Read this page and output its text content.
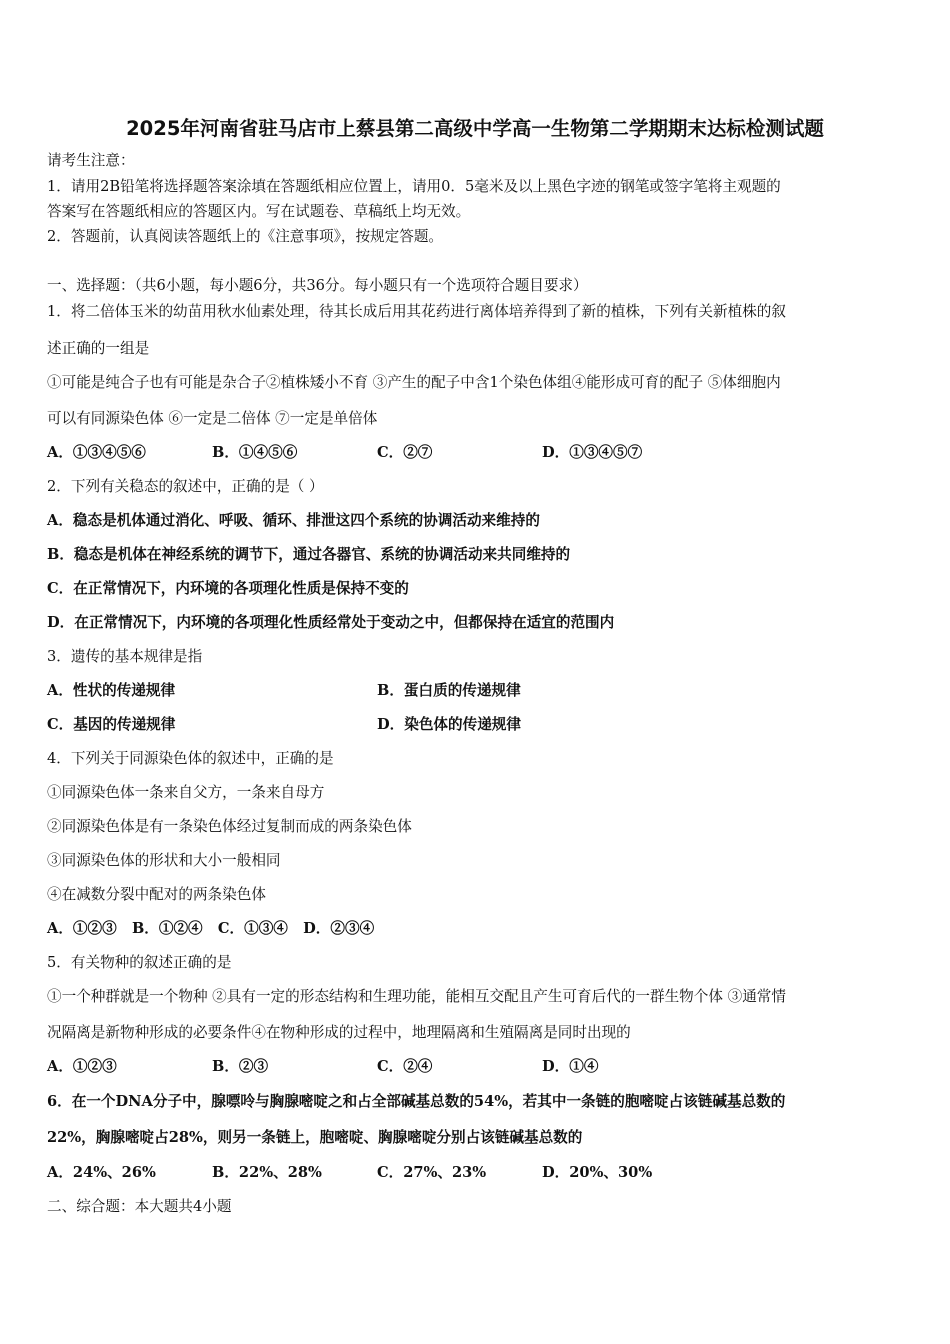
2025年河南省驻马店市上蔡县第二高级中学高一生物第二学期期末达标检测试题
请考生注意：
1．请用2B铅笔将选择题答案涂填在答题纸相应位置上，请用0．5毫米及以上黑色字迹的钢笔或签字笔将主观题的
答案写在答题纸相应的答题区内。写在试题卷、草稿纸上均无效。
2．答题前，认真阅读答题纸上的《注意事项》，按规定答题。
一、选择题：（共6小题，每小题6分，共36分。每小题只有一个选项符合题目要求）
1．将二倍体玉米的幼苗用秋水仙素处理，待其长成后用其花药进行离体培养得到了新的植株，下列有关新植株的叙
述正确的一组是
①可能是纯合子也有可能是杂合子②植株矮小不育 ③产生的配子中含1个染色体组④能形成可育的配子 ⑤体细胞内
可以有同源染色体 ⑥一定是二倍体 ⑦一定是单倍体
A．①③④⑤⑥	B．①④⑤⑥	C．②⑦	D．①③④⑤⑦
2．下列有关稳态的叙述中，正确的是（ ）
A．稳态是机体通过消化、呼吸、循环、排泄这四个系统的协调活动来维持的
B．稳态是机体在神经系统的调节下，通过各器官、系统的协调活动来共同维持的
C．在正常情况下，内环境的各项理化性质是保持不变的
D．在正常情况下，内环境的各项理化性质经常处于变动之中，但都保持在适宜的范围内
3．遗传的基本规律是指
A．性状的传递规律	B．蛋白质的传递规律
C．基因的传递规律	D．染色体的传递规律
4．下列关于同源染色体的叙述中，正确的是
①同源染色体一条来自父方，一条来自母方
②同源染色体是有一条染色体经过复制而成的两条染色体
③同源染色体的形状和大小一般相同
④在减数分裂中配对的两条染色体
A．①②③   B．①②④   C．①③④   D．②③④
5．有关物种的叙述正确的是
①一个种群就是一个物种 ②具有一定的形态结构和生理功能，能相互交配且产生可育后代的一群生物个体 ③通常情
况隔离是新物种形成的必要条件④在物种形成的过程中，地理隔离和生殖隔离是同时出现的
A．①②③	B．②③	C．②④	D．①④
6．在一个DNA分子中，腺嘌呤与胸腺嘧啶之和占全部碱基总数的54%，若其中一条链的胞嘧啶占该链碱基总数的
22%，胸腺嘧啶占28%，则另一条链上，胞嘧啶、胸腺嘧啶分别占该链碱基总数的
A．24%、26%	B．22%、28%	C．27%、23%	D．20%、30%
二、综合题：本大题共4小题
